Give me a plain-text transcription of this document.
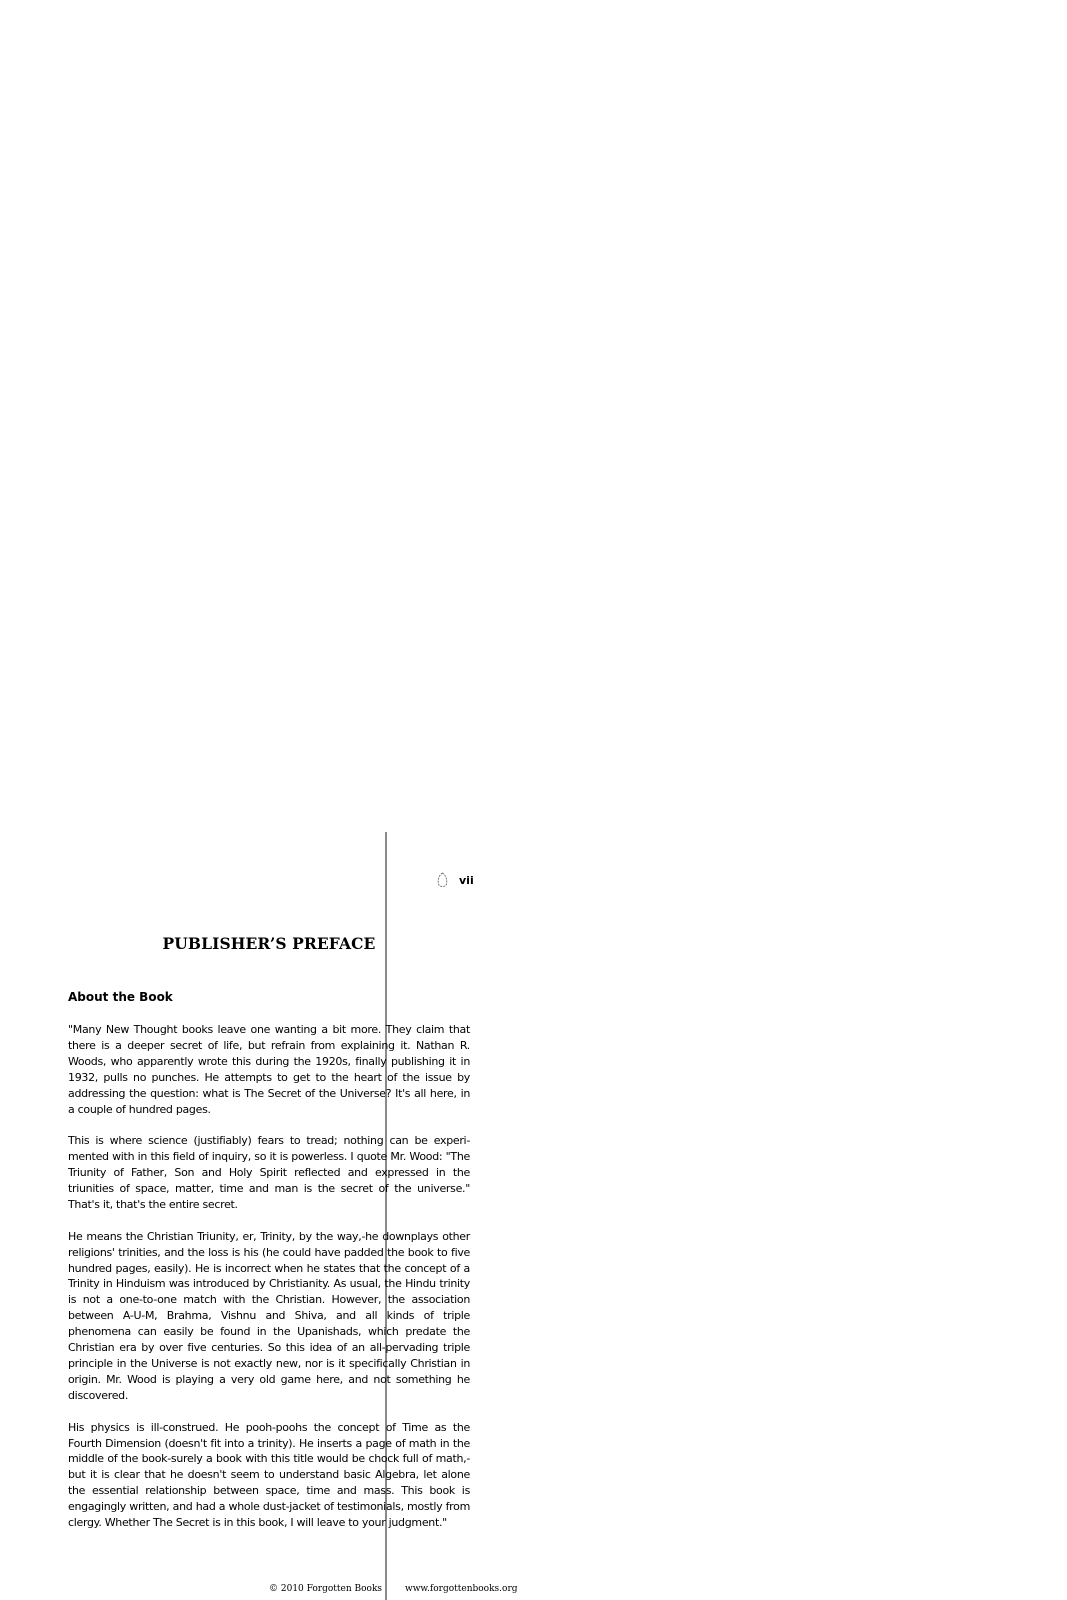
vii
PUBLISHER’S PREFACE
About the Book

"Many New Thought books leave one wanting a bit more. They claim that there is a deeper secret of life, but refrain from explaining it. Nathan R. Woods, who apparently wrote this during the 1920s, finally publishing it in 1932, pulls no punches. He attempts to get to the heart of the issue by addressing the question: what is The Secret of the Universe? It's all here, in a couple of hundred pages.

This is where science (justifiably) fears to tread; nothing can be experi- mented with in this field of inquiry, so it is powerless. I quote Mr. Wood: "The Triunity of Father, Son and Holy Spirit reflected and expressed in the triunities of space, matter, time and man is the secret of the universe." That's it, that's the entire secret.

He means the Christian Triunity, er, Trinity, by the way,-he downplays other religions' trinities, and the loss is his (he could have padded the book to five hundred pages, easily). He is incorrect when he states that the concept of a Trinity in Hinduism was introduced by Christianity. As usual, the Hindu trinity is not a one-to-one match with the Christian. However, the association between A-U-M, Brahma, Vishnu and Shiva, and all kinds of triple phenomena can easily be found in the Upanishads, which predate the Christian era by over five centuries. So this idea of an all-pervading triple principle in the Universe is not exactly new, nor is it specifically Christian in origin. Mr. Wood is playing a very old game here, and not something he discovered.

His physics is ill-construed. He pooh-poohs the concept of Time as the Fourth Dimension (doesn't fit into a trinity). He inserts a page of math in the middle of the book-surely a book with this title would be chock full of math,-but it is clear that he doesn't seem to understand basic Algebra, let alone the essential relationship between space, time and mass. This book is engagingly written, and had a whole dust-jacket of testimonials, mostly from clergy. Whether The Secret is in this book, I will leave to your judgment."

© 2010 Forgotten Books	www.forgottenbooks.org
